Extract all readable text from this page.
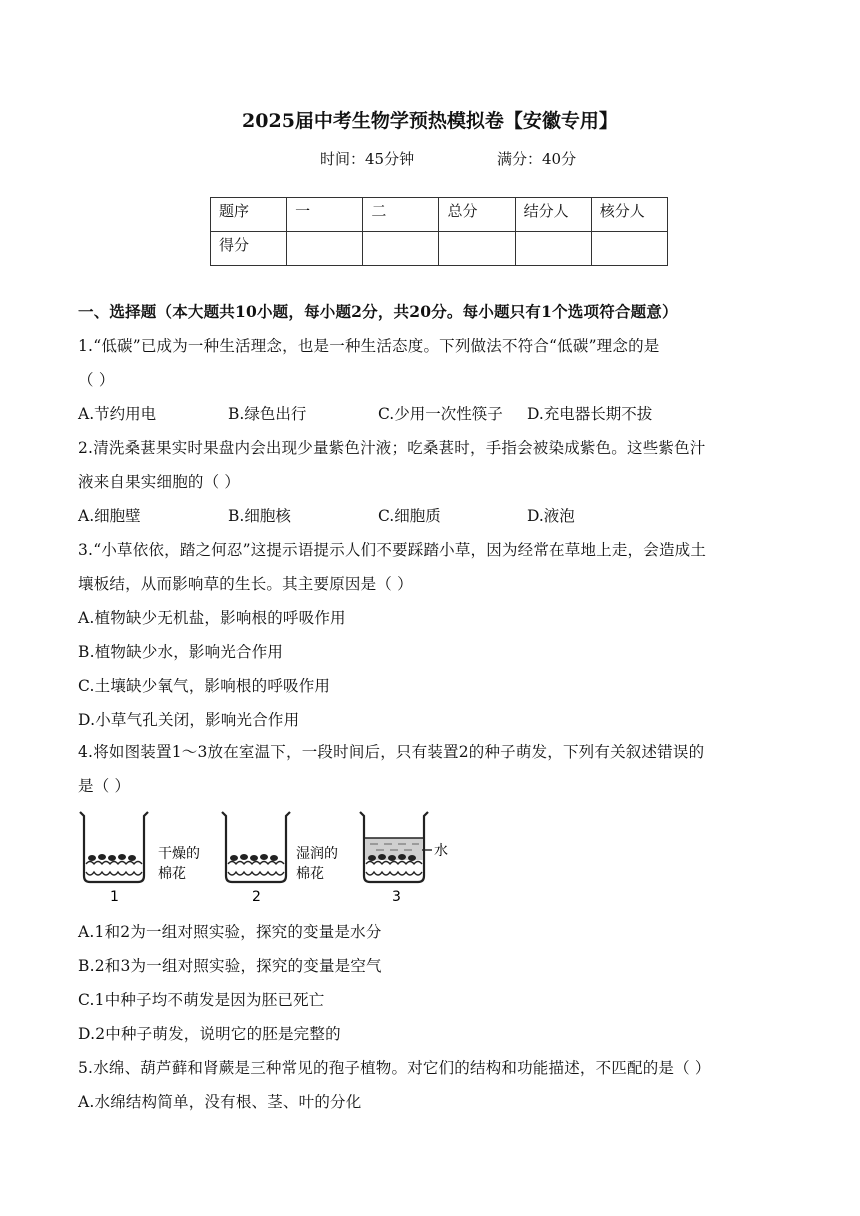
2025届中考生物学预热模拟卷【安徽专用】
时间：45分钟	满分：40分
题序	一	二	总分	结分人	核分人
得分					
一、选择题（本大题共10小题，每小题2分，共20分。每小题只有1个选项符合题意）
1.“低碳”已成为一种生活理念，也是一种生活态度。下列做法不符合“低碳”理念的是
（ ）
A.节约用电	B.绿色出行	C.少用一次性筷子 D.充电器长期不拔
2.清洗桑葚果实时果盘内会出现少量紫色汁液；吃桑葚时，手指会被染成紫色。这些紫色汁
液来自果实细胞的（ ）
A.细胞壁	B.细胞核	C.细胞质	D.液泡
3.“小草依依，踏之何忍”这提示语提示人们不要踩踏小草，因为经常在草地上走，会造成土
壤板结，从而影响草的生长。其主要原因是（ ）
A.植物缺少无机盐，影响根的呼吸作用
B.植物缺少水，影响光合作用
C.土壤缺少氧气，影响根的呼吸作用
D.小草气孔关闭，影响光合作用
4.将如图装置1～3放在室温下，一段时间后，只有装置2的种子萌发，下列有关叙述错误的
是（ ）
干燥的
棉花
1
湿润的
棉花
2
水
3
A.1和2为一组对照实验，探究的变量是水分
B.2和3为一组对照实验，探究的变量是空气
C.1中种子均不萌发是因为胚已死亡
D.2中种子萌发，说明它的胚是完整的
5.水绵、葫芦藓和肾蕨是三种常见的孢子植物。对它们的结构和功能描述，不匹配的是（ ）
A.水绵结构简单，没有根、茎、叶的分化
